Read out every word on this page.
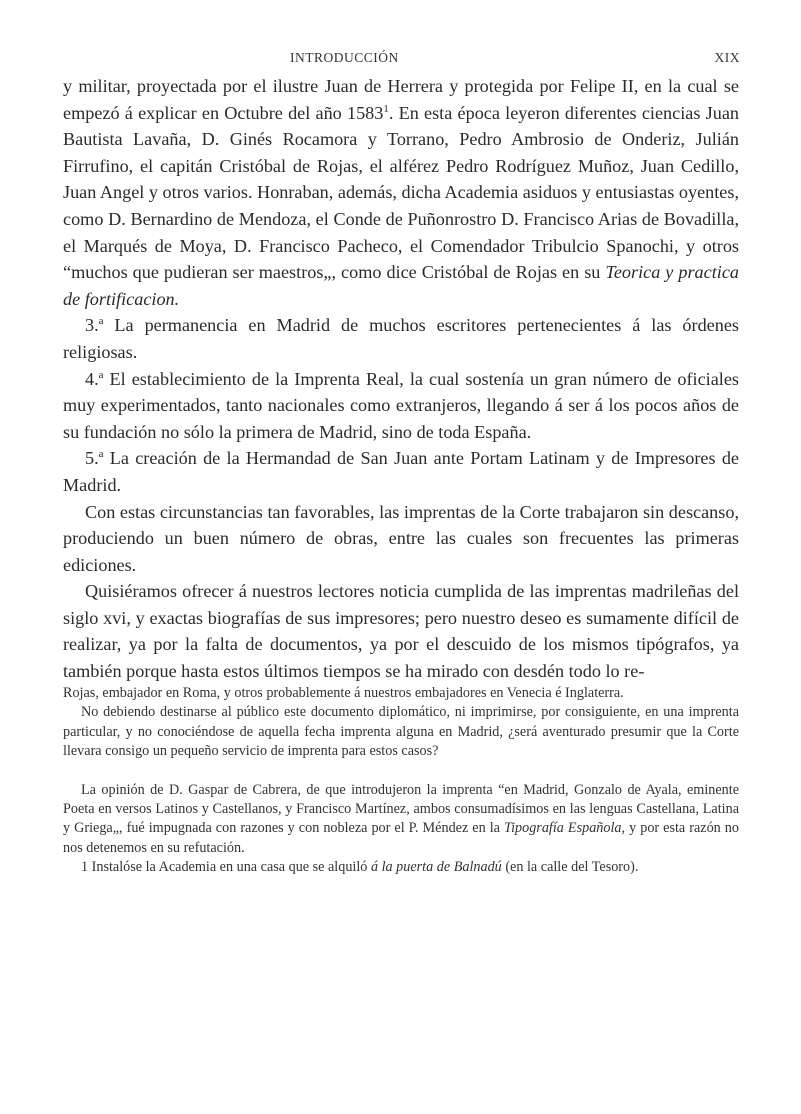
INTRODUCCIÓN	XIX

y militar, proyectada por el ilustre Juan de Herrera y protegida por Felipe II, en la cual se empezó á explicar en Octubre del año 1583$^1$. En esta época leyeron diferentes ciencias Juan Bautista Lavaña, D. Ginés Rocamora y Torrano, Pedro Ambrosio de Onderiz, Julián Firrufino, el capitán Cristóbal de Rojas, el alférez Pedro Rodríguez Muñoz, Juan Cedillo, Juan Angel y otros varios. Honraban, además, dicha Academia asiduos y entusiastas oyentes, como D. Bernardino de Mendoza, el Conde de Puñonrostro D. Francisco Arias de Bovadilla, el Marqués de Moya, D. Francisco Pacheco, el Comendador Tribulcio Spanochi, y otros “muchos que pudieran ser maestros„, como dice Cristóbal de Rojas en su Teorica y practica de fortificacion.

3.$^a$ La permanencia en Madrid de muchos escritores pertenecientes á las órdenes religiosas.

4.$^a$ El establecimiento de la Imprenta Real, la cual sostenía un gran número de oficiales muy experimentados, tanto nacionales como extranjeros, llegando á ser á los pocos años de su fundación no sólo la primera de Madrid, sino de toda España.

5.$^a$ La creación de la Hermandad de San Juan ante Portam Latinam y de Impresores de Madrid.

Con estas circunstancias tan favorables, las imprentas de la Corte trabajaron sin descanso, produciendo un buen número de obras, entre las cuales son frecuentes las primeras ediciones.

Quisiéramos ofrecer á nuestros lectores noticia cumplida de las imprentas madrileñas del siglo xvi, y exactas biografías de sus impresores; pero nuestro deseo es sumamente difícil de realizar, ya por la falta de documentos, ya por el descuido de los mismos tipógrafos, ya también porque hasta estos últimos tiempos se ha mirado con desdén todo lo re-

Rojas, embajador en Roma, y otros probablemente á nuestros embajadores en Venecia é Inglaterra.

No debiendo destinarse al público este documento diplomático, ni imprimirse, por consiguiente, en una imprenta particular, y no conociéndose de aquella fecha imprenta alguna en Madrid, ¿será aventurado presumir que la Corte llevara consigo un pequeño servicio de imprenta para estos casos?

La opinión de D. Gaspar de Cabrera, de que introdujeron la imprenta “en Madrid, Gonzalo de Ayala, eminente Poeta en versos Latinos y Castellanos, y Francisco Martínez, ambos consumadísimos en las lenguas Castellana, Latina y Griega„, fué impugnada con razones y con nobleza por el P. Méndez en la Tipografía Española, y por esta razón no nos detenemos en su refutación.

1 Instalóse la Academia en una casa que se alquiló á la puerta de Balnadú (en la calle del Tesoro).
